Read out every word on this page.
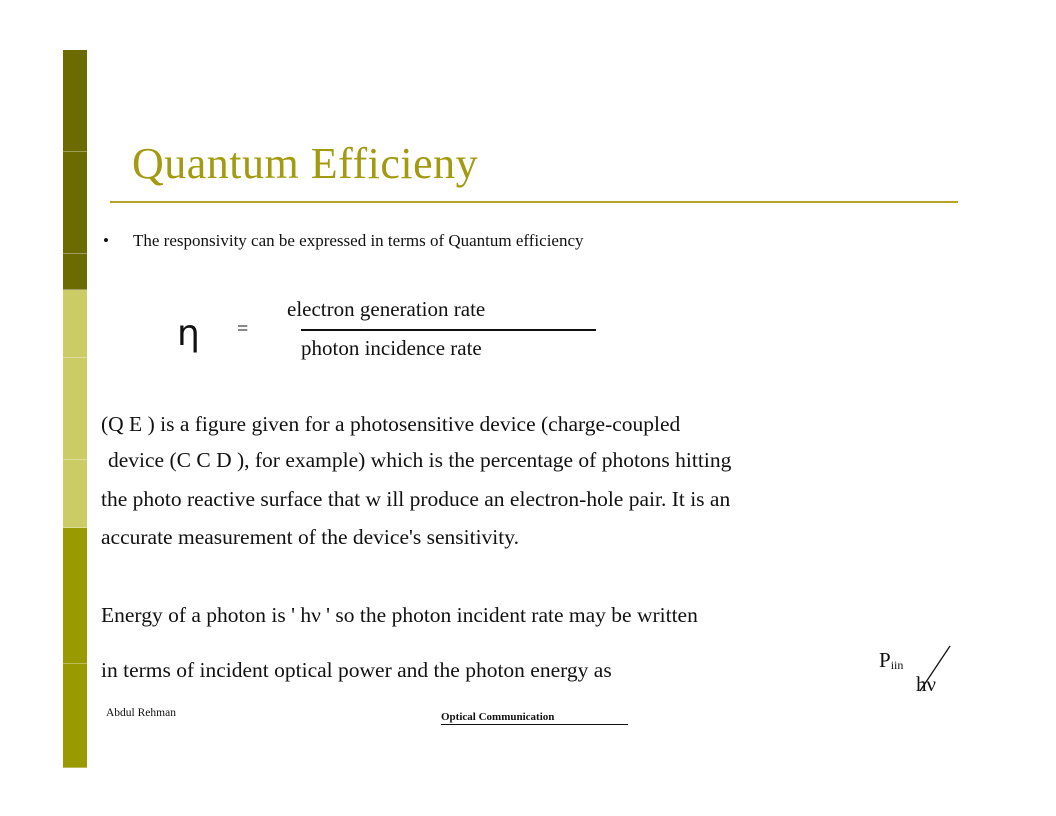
Quantum Efficieny
• The responsivity can be expressed in terms of Quantum efficiency
η =
electron generation rate
photon incidence rate
(Q E ) is a figure given for a photosensitive device (charge-coupled
device (C C D ), for example) which is the percentage of photons hitting
the photo reactive surface that w ill produce an electron-hole pair. It is an
accurate measurement of the device's sensitivity.
Energy of a photon is ' hν ' so the photon incident rate may be written
in terms of incident optical power and the photon energy as	$P_{iin}$
hν
Abdul Rehman	Optical Communication
